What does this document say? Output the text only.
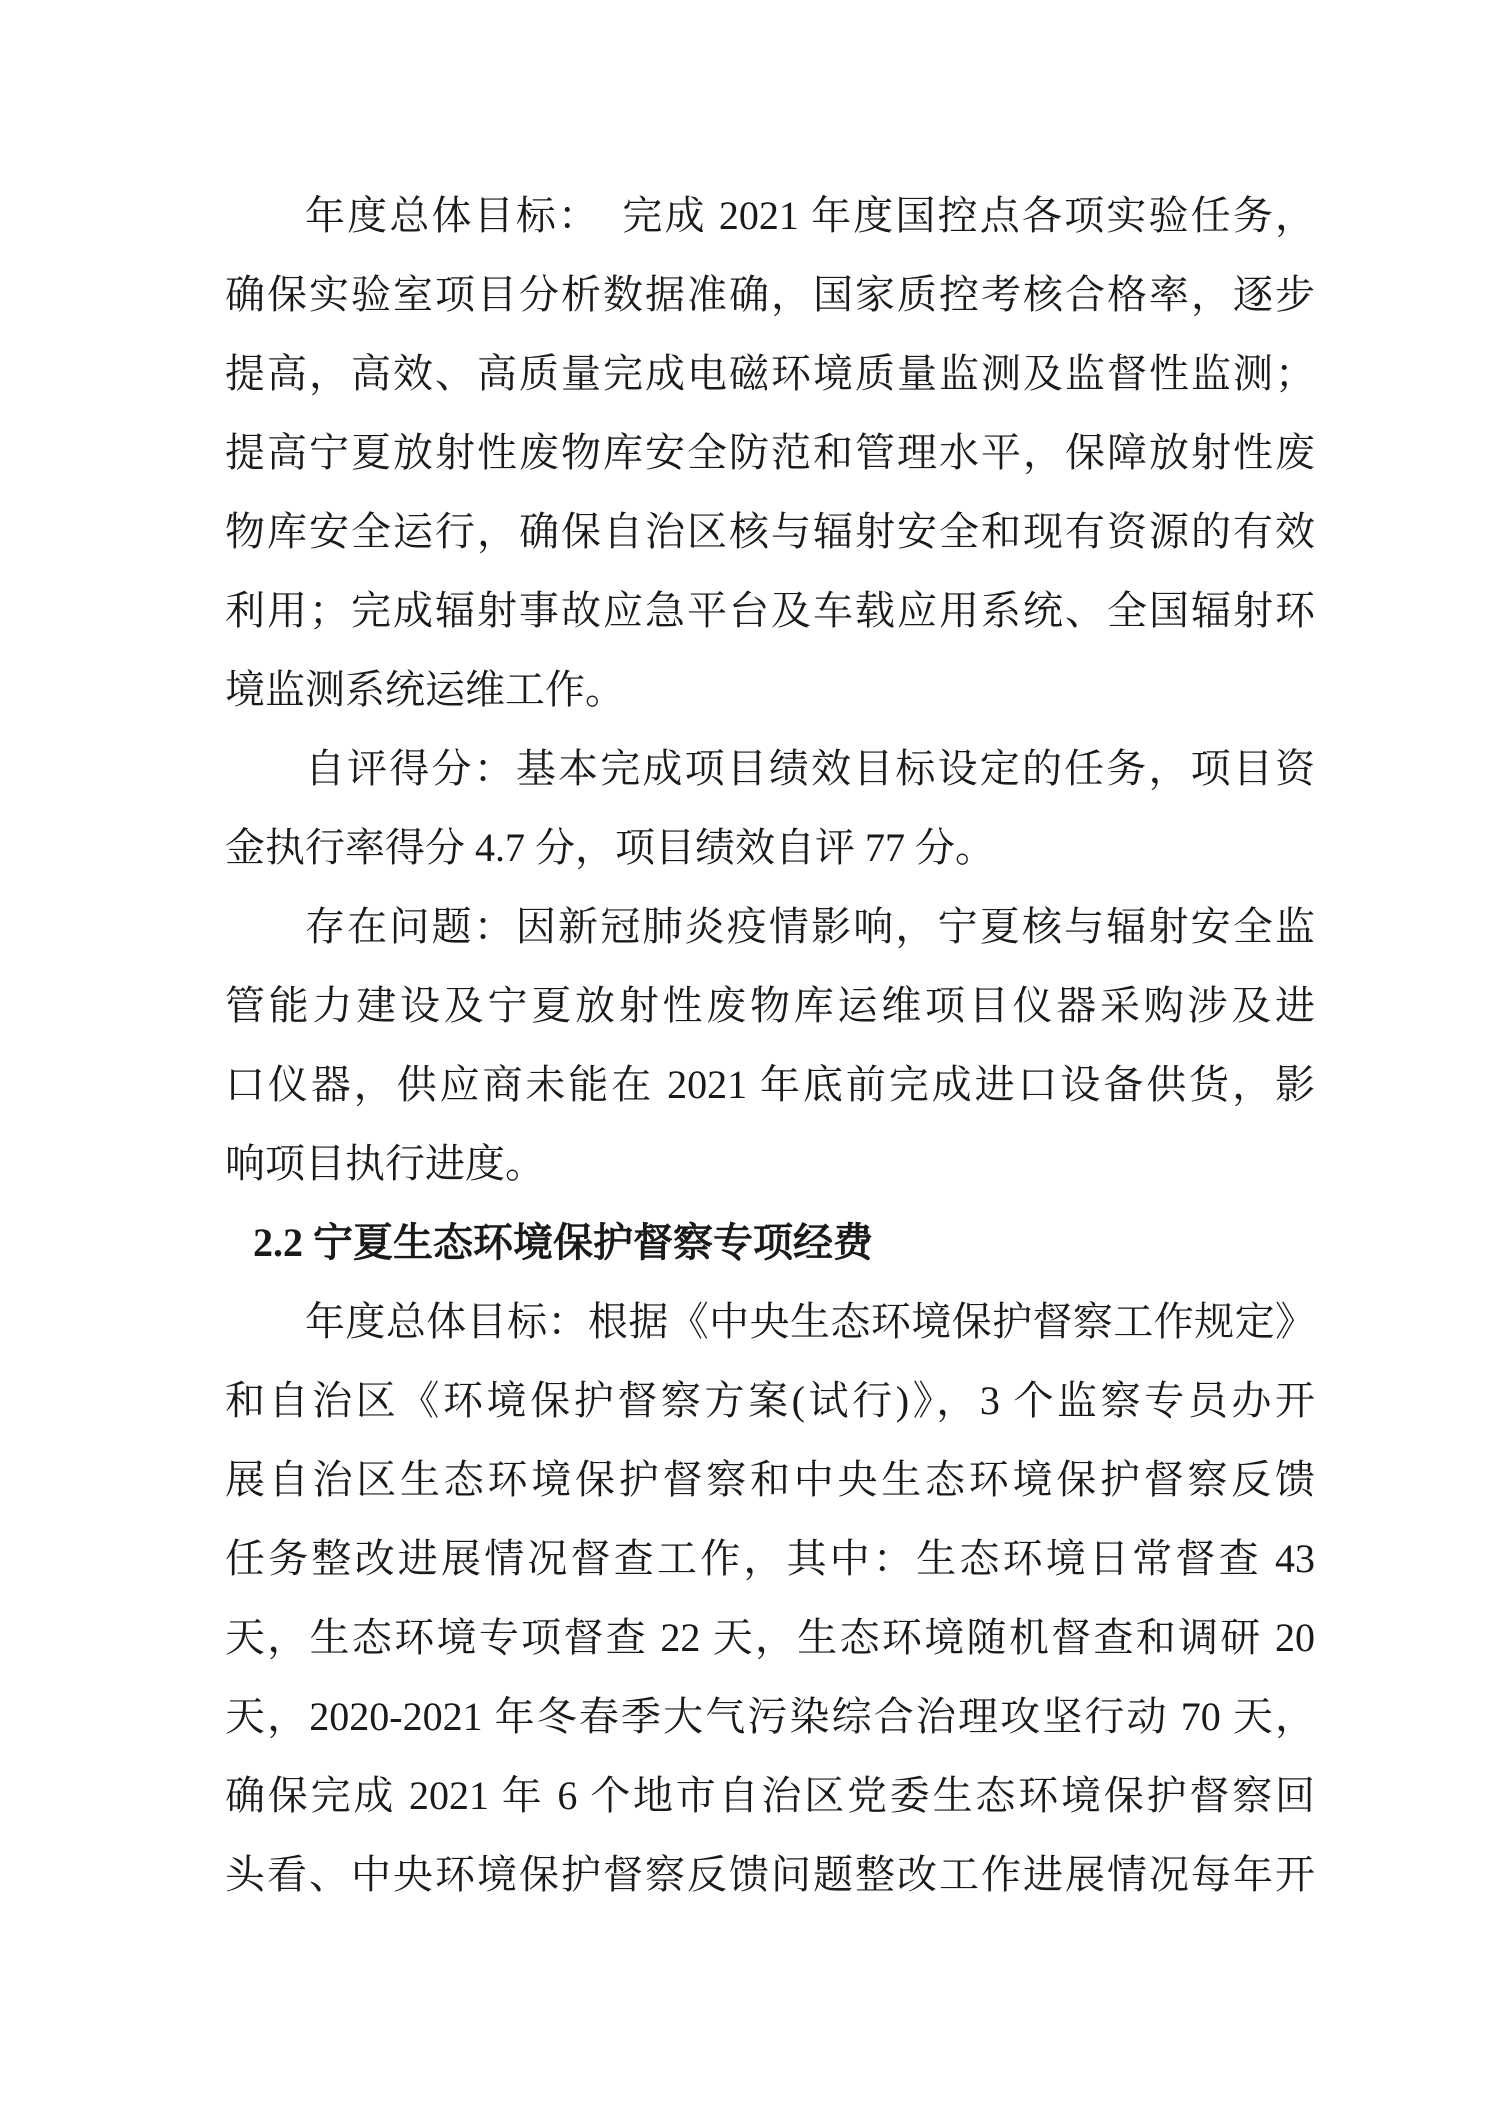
年度总体目标：　完成 2021 年度国控点各项实验任务，
确保实验室项目分析数据准确，国家质控考核合格率，逐步
提高，高效、高质量完成电磁环境质量监测及监督性监测；
提高宁夏放射性废物库安全防范和管理水平，保障放射性废
物库安全运行，确保自治区核与辐射安全和现有资源的有效
利用；完成辐射事故应急平台及车载应用系统、全国辐射环
境监测系统运维工作。
自评得分：基本完成项目绩效目标设定的任务，项目资
金执行率得分 4.7 分，项目绩效自评 77 分。
存在问题：因新冠肺炎疫情影响，宁夏核与辐射安全监
管能力建设及宁夏放射性废物库运维项目仪器采购涉及进
口仪器，供应商未能在 2021 年底前完成进口设备供货，影
响项目执行进度。
2.2 宁夏生态环境保护督察专项经费
年度总体目标：根据《中央生态环境保护督察工作规定》
和自治区《环境保护督察方案(试行)》，3 个监察专员办开
展自治区生态环境保护督察和中央生态环境保护督察反馈
任务整改进展情况督查工作，其中：生态环境日常督查 43
天，生态环境专项督查 22 天，生态环境随机督查和调研 20
天，2020-2021 年冬春季大气污染综合治理攻坚行动 70 天，
确保完成 2021 年 6 个地市自治区党委生态环境保护督察回
头看、中央环境保护督察反馈问题整改工作进展情况每年开
